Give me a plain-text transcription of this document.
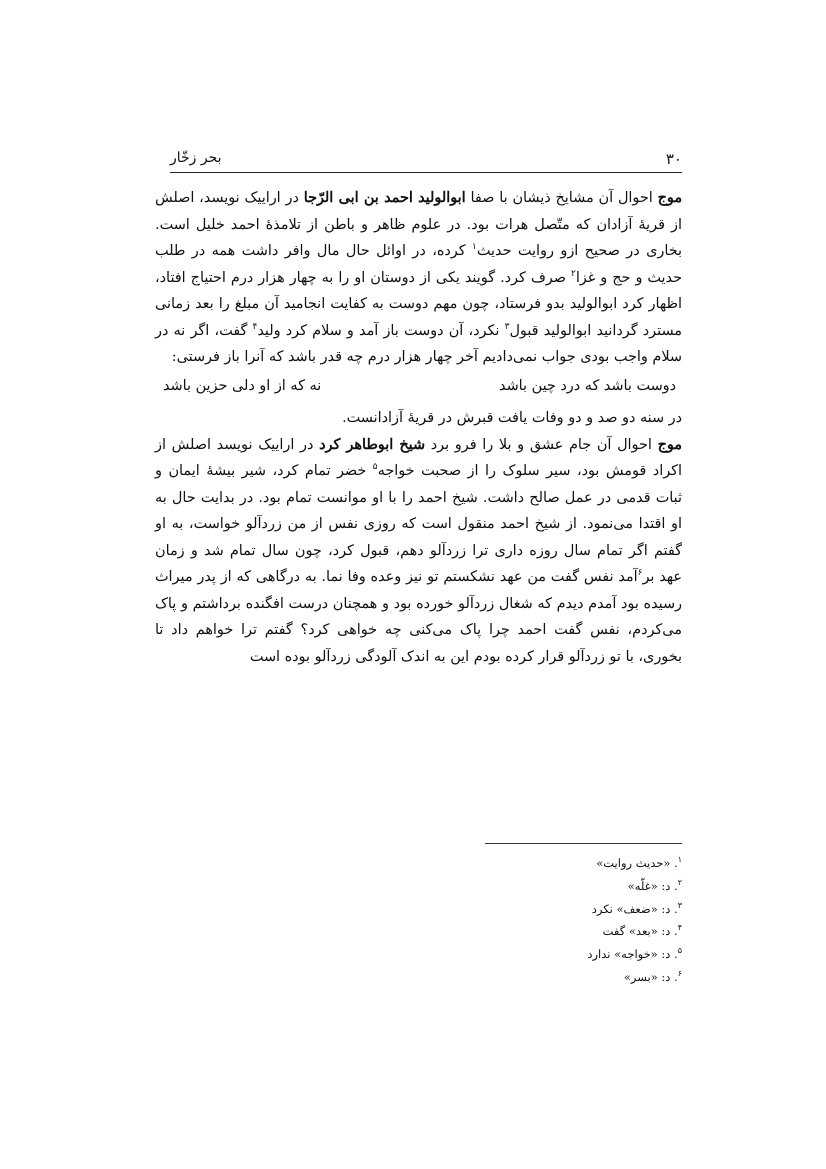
۳۰
بحر زخّار

موج احوال آن مشایخ ذیشان با صفا ابوالولید احمد بن ابی الرّجا در اراییک نویسد، اصلش از قریهٔ آزادان که متّصل هرات بود. در علوم ظاهر و باطن از تلامذهٔ احمد خلیل است. بخاری در صحیح ازو روایت حدیث$^۱$ کرده، در اوائل حال مال وافر داشت همه در طلب حدیث و حج و غزا$^۲$ صرف کرد. گویند یکی از دوستان او را به چهار هزار درم احتیاج افتاد، اظهار کرد ابوالولید بدو فرستاد، چون مهم دوست به کفایت انجامید آن مبلغ را بعد زمانی مسترد گردانید ابوالولید قبول$^۳$ نکرد، آن دوست باز آمد و سلام کرد ولید$^۴$ گفت، اگر نه در سلام واجب بودی جواب نمی‌دادیم آخر چهار هزار درم چه قدر باشد که آنرا باز فرستی:

دوست باشد که درد چین باشد
نه که از او دلی حزین باشد
در سنه دو صد و دو وفات یافت قبرش در قریهٔ آزادانست.

موج احوال آن جام عشق و بلا را فرو برد شیخ ابوطاهر کرد در اراییک نویسد اصلش از اکراد قومش بود، سیر سلوک را از صحبت خواجه$^۵$ خضر تمام کرد، شیر بیشهٔ ایمان و ثبات قدمی در عمل صالح داشت. شیخ احمد را با او موانست تمام بود. در بدایت حال به او اقتدا می‌نمود. از شیخ احمد منقول است که روزی نفس از من زردآلو خواست، به او گفتم اگر تمام سال روزه داری ترا زردآلو دهم، قبول کرد، چون سال تمام شد و زمان عهد بر$^۶$آمد نفس گفت من عهد نشکستم تو نیز وعده وفا نما. به درگاهی که از پدر میراث رسیده بود آمدم دیدم که شغال زردآلو خورده بود و همچنان درست افگنده برداشتم و پاک می‌کردم، نفس گفت احمد چرا پاک می‌کنی چه خواهی کرد؟ گفتم ترا خواهم داد تا بخوری، با تو زردآلو قرار کرده بودم این به اندک آلودگی زردآلو بوده است

$^۱$. «حدیث روایت»
$^۲$. د: «غلّه»
$^۳$. د: «ضعف» نکرد
$^۴$. د: «بعد» گفت
$^۵$. د: «خواجه» ندارد
$^۶$. د: «بسر»
